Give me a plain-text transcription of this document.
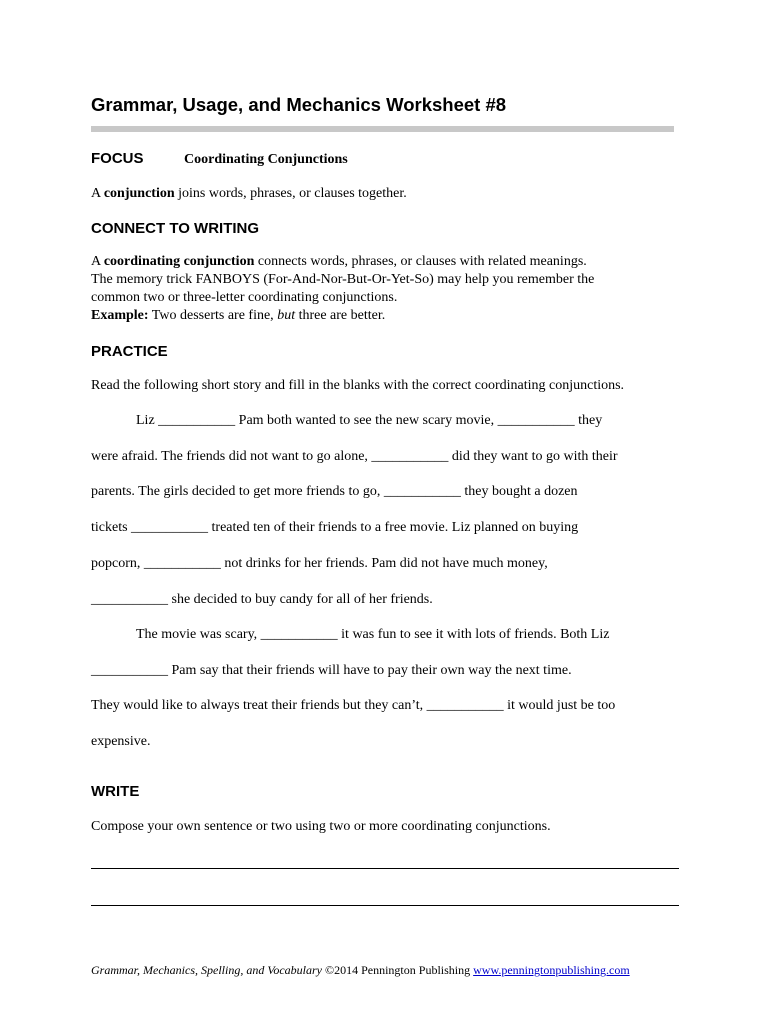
Grammar, Usage, and Mechanics Worksheet #8
FOCUS	Coordinating Conjunctions
A conjunction joins words, phrases, or clauses together.
CONNECT TO WRITING
A coordinating conjunction connects words, phrases, or clauses with related meanings.
The memory trick FANBOYS (For-And-Nor-But-Or-Yet-So) may help you remember the
common two or three-letter coordinating conjunctions.
Example: Two desserts are fine, but three are better.
PRACTICE
Read the following short story and fill in the blanks with the correct coordinating conjunctions.
Liz ___________ Pam both wanted to see the new scary movie, ___________ they
were afraid. The friends did not want to go alone, ___________ did they want to go with their
parents. The girls decided to get more friends to go, ___________ they bought a dozen
tickets ___________ treated ten of their friends to a free movie. Liz planned on buying
popcorn, ___________ not drinks for her friends. Pam did not have much money,
___________ she decided to buy candy for all of her friends.
The movie was scary, ___________ it was fun to see it with lots of friends. Both Liz
___________ Pam say that their friends will have to pay their own way the next time.
They would like to always treat their friends but they can’t, ___________ it would just be too
expensive.
WRITE
Compose your own sentence or two using two or more coordinating conjunctions.
Grammar, Mechanics, Spelling, and Vocabulary ©2014 Pennington Publishing www.penningtonpublishing.com
